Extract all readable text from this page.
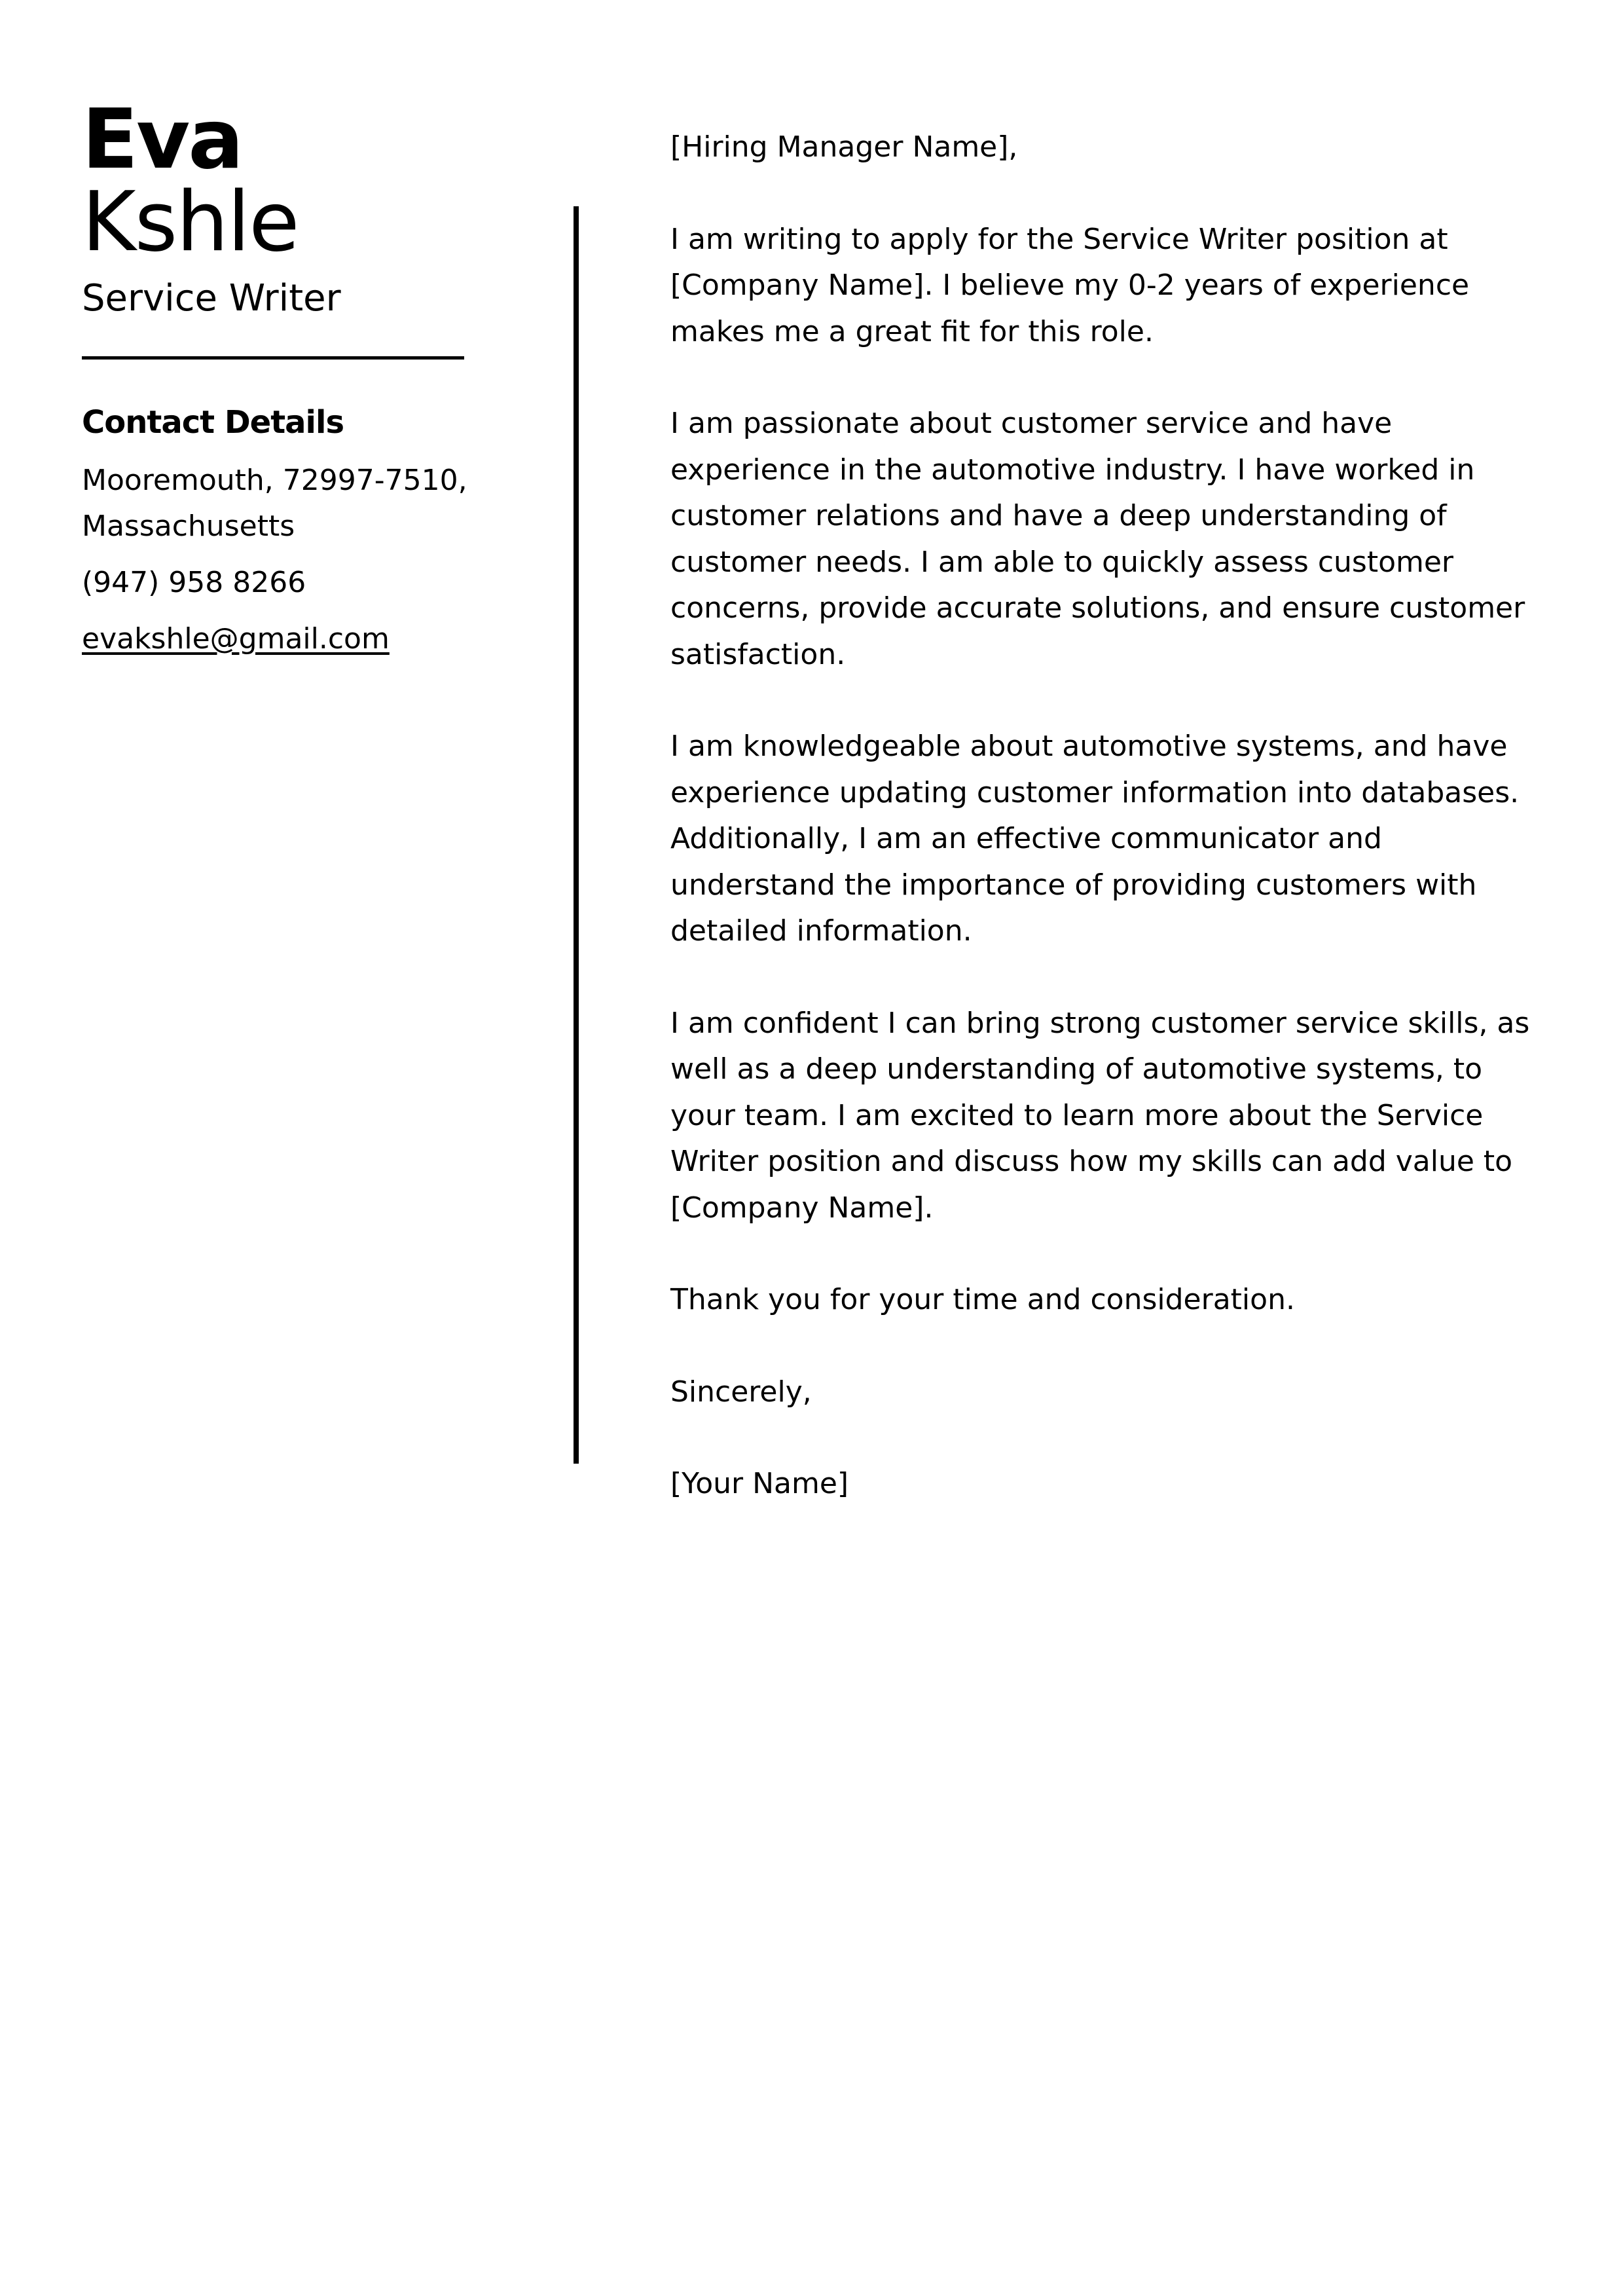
Eva
Kshle
Service Writer
Contact Details
Mooremouth, 72997-7510, Massachusetts
(947) 958 8266
evakshle@gmail.com

[Hiring Manager Name],

I am writing to apply for the Service Writer position at [Company Name]. I believe my 0-2 years of experience makes me a great fit for this role.

I am passionate about customer service and have experience in the automotive industry. I have worked in customer relations and have a deep understanding of customer needs. I am able to quickly assess customer concerns, provide accurate solutions, and ensure customer satisfaction.

I am knowledgeable about automotive systems, and have experience updating customer information into databases. Additionally, I am an effective communicator and understand the importance of providing customers with detailed information.

I am confident I can bring strong customer service skills, as well as a deep understanding of automotive systems, to your team. I am excited to learn more about the Service Writer position and discuss how my skills can add value to [Company Name].

Thank you for your time and consideration.

Sincerely,

[Your Name]
